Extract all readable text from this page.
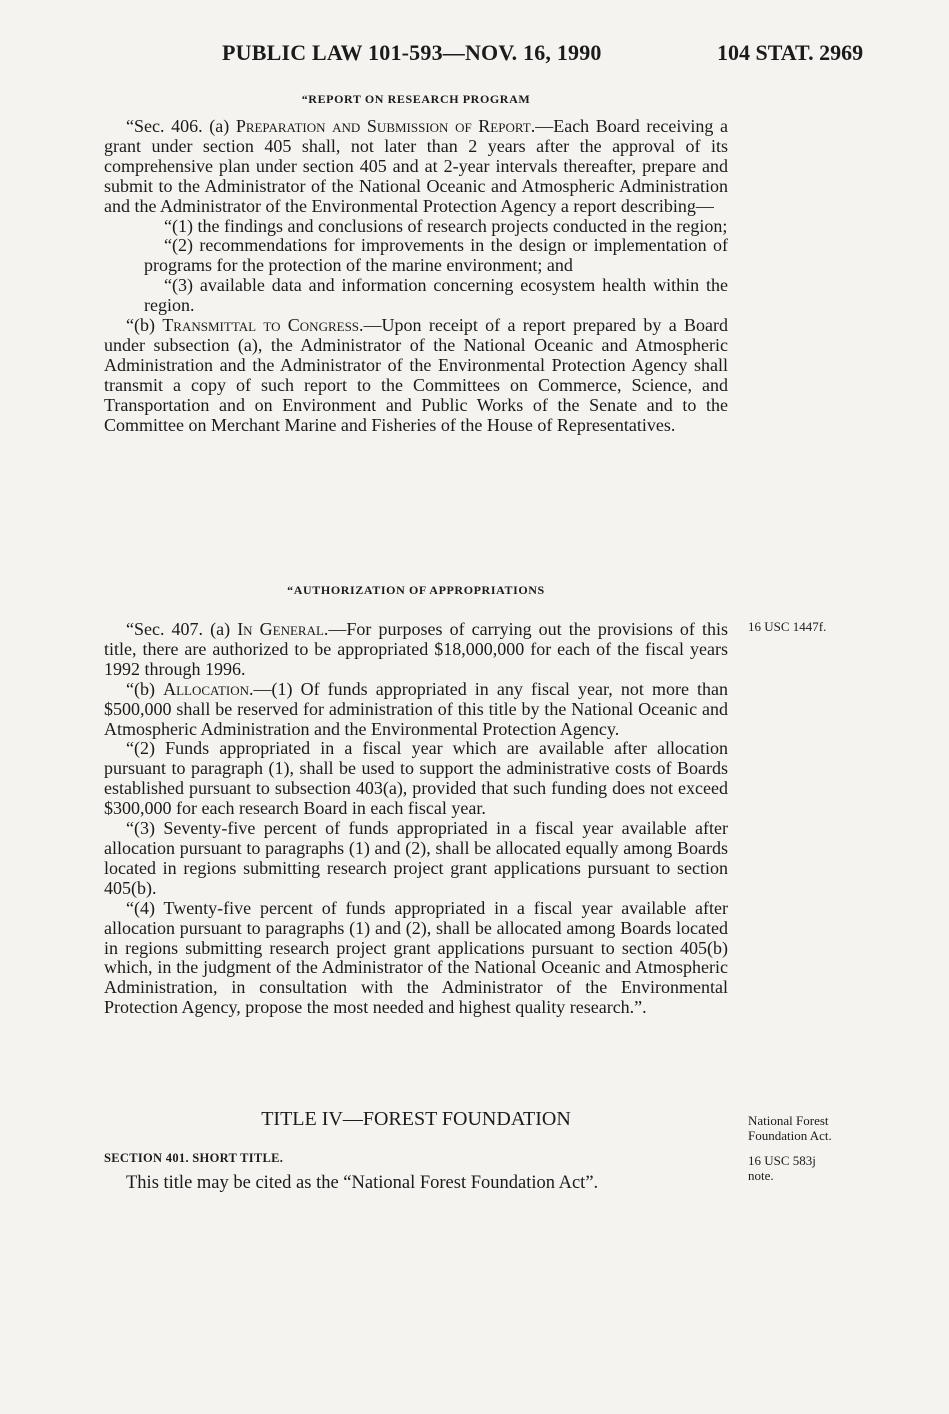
PUBLIC LAW 101-593—NOV. 16, 1990	104 STAT. 2969
“REPORT ON RESEARCH PROGRAM

“Sec. 406. (a) Preparation and Submission of Report.—Each Board receiving a grant under section 405 shall, not later than 2 years after the approval of its comprehensive plan under section 405 and at 2-year intervals thereafter, prepare and submit to the Administrator of the National Oceanic and Atmospheric Administration and the Administrator of the Environmental Protection Agency a report describing—

“(1) the findings and conclusions of research projects conducted in the region;

“(2) recommendations for improvements in the design or implementation of programs for the protection of the marine environment; and

“(3) available data and information concerning ecosystem health within the region.

“(b) Transmittal to Congress.—Upon receipt of a report prepared by a Board under subsection (a), the Administrator of the National Oceanic and Atmospheric Administration and the Administrator of the Environmental Protection Agency shall transmit a copy of such report to the Committees on Commerce, Science, and Transportation and on Environment and Public Works of the Senate and to the Committee on Merchant Marine and Fisheries of the House of Representatives.

“AUTHORIZATION OF APPROPRIATIONS

“Sec. 407. (a) In General.—For purposes of carrying out the provisions of this title, there are authorized to be appropriated $18,000,000 for each of the fiscal years 1992 through 1996.

“(b) Allocation.—(1) Of funds appropriated in any fiscal year, not more than $500,000 shall be reserved for administration of this title by the National Oceanic and Atmospheric Administration and the Environmental Protection Agency.

“(2) Funds appropriated in a fiscal year which are available after allocation pursuant to paragraph (1), shall be used to support the administrative costs of Boards established pursuant to subsection 403(a), provided that such funding does not exceed $300,000 for each research Board in each fiscal year.

“(3) Seventy-five percent of funds appropriated in a fiscal year available after allocation pursuant to paragraphs (1) and (2), shall be allocated equally among Boards located in regions submitting research project grant applications pursuant to section 405(b).

“(4) Twenty-five percent of funds appropriated in a fiscal year available after allocation pursuant to paragraphs (1) and (2), shall be allocated among Boards located in regions submitting research project grant applications pursuant to section 405(b) which, in the judgment of the Administrator of the National Oceanic and Atmospheric Administration, in consultation with the Administrator of the Environmental Protection Agency, propose the most needed and highest quality research.”.

16 USC 1447f.
TITLE IV—FOREST FOUNDATION	National Forest
Foundation Act.
SECTION 401. SHORT TITLE.	16 USC 583j
note.
This title may be cited as the “National Forest Foundation Act”.
